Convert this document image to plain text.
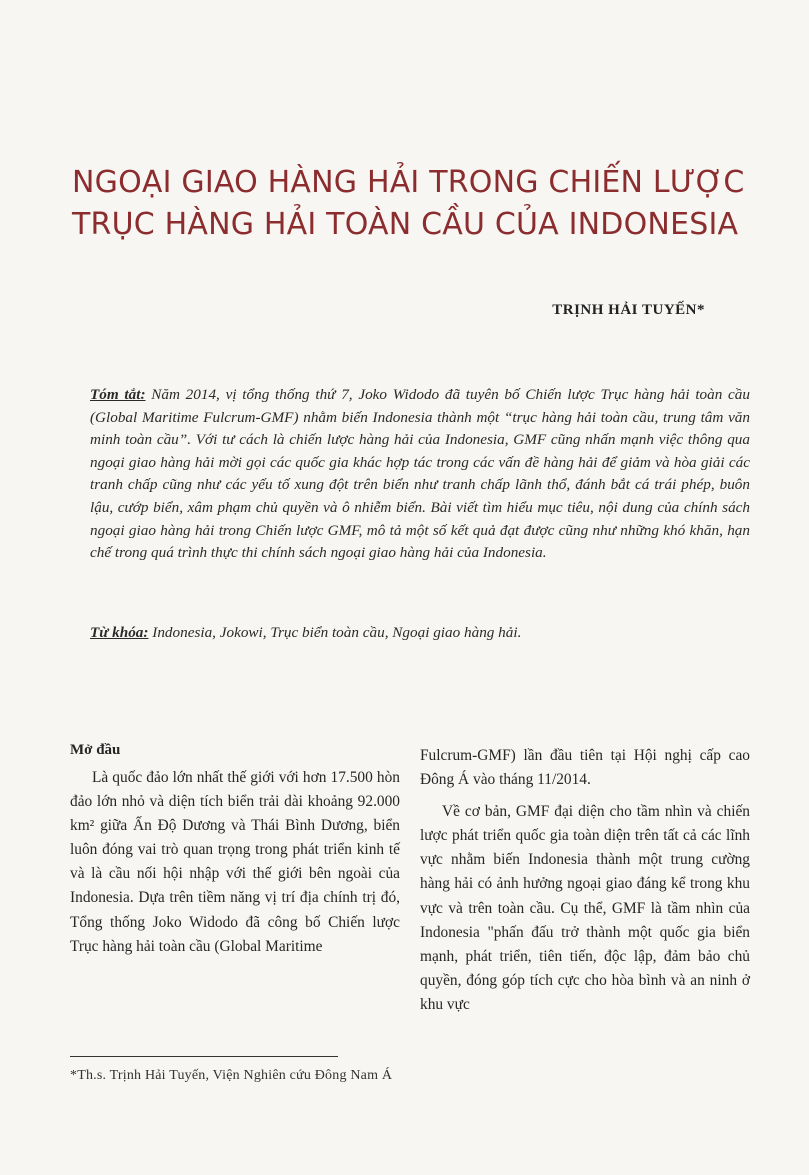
NGOẠI GIAO HÀNG HẢI TRONG CHIẾN LƯỢC
TRỤC HÀNG HẢI TOÀN CẦU CỦA INDONESIA
TRỊNH HẢI TUYẾN*

Tóm tắt: Năm 2014, vị tổng thống thứ 7, Joko Widodo đã tuyên bố Chiến lược Trục hàng hải toàn cầu (Global Maritime Fulcrum-GMF) nhằm biến Indonesia thành một “trục hàng hải toàn cầu, trung tâm văn minh toàn cầu”. Với tư cách là chiến lược hàng hải của Indonesia, GMF cũng nhấn mạnh việc thông qua ngoại giao hàng hải mời gọi các quốc gia khác hợp tác trong các vấn đề hàng hải để giảm và hòa giải các tranh chấp cũng như các yếu tố xung đột trên biển như tranh chấp lãnh thổ, đánh bắt cá trái phép, buôn lậu, cướp biển, xâm phạm chủ quyền và ô nhiễm biển. Bài viết tìm hiểu mục tiêu, nội dung của chính sách ngoại giao hàng hải trong Chiến lược GMF, mô tả một số kết quả đạt được cũng như những khó khăn, hạn chế trong quá trình thực thi chính sách ngoại giao hàng hải của Indonesia.

Từ khóa: Indonesia, Jokowi, Trục biển toàn cầu, Ngoại giao hàng hải.

Mở đầu

Là quốc đảo lớn nhất thế giới với hơn 17.500 hòn đảo lớn nhỏ và diện tích biển trải dài khoảng 92.000 km² giữa Ấn Độ Dương và Thái Bình Dương, biển luôn đóng vai trò quan trọng trong phát triển kinh tế và là cầu nối hội nhập với thế giới bên ngoài của Indonesia. Dựa trên tiềm năng vị trí địa chính trị đó, Tổng thống Joko Widodo đã công bố Chiến lược Trục hàng hải toàn cầu (Global Maritime

Fulcrum-GMF) lần đầu tiên tại Hội nghị cấp cao Đông Á vào tháng 11/2014.

Về cơ bản, GMF đại diện cho tầm nhìn và chiến lược phát triển quốc gia toàn diện trên tất cả các lĩnh vực nhằm biến Indonesia thành một trung cường hàng hải có ảnh hưởng ngoại giao đáng kể trong khu vực và trên toàn cầu. Cụ thể, GMF là tầm nhìn của Indonesia "phấn đấu trở thành một quốc gia biển mạnh, phát triển, tiên tiến, độc lập, đảm bảo chủ quyền, đóng góp tích cực cho hòa bình và an ninh ở khu vực

*Th.s. Trịnh Hải Tuyến, Viện Nghiên cứu Đông Nam Á
